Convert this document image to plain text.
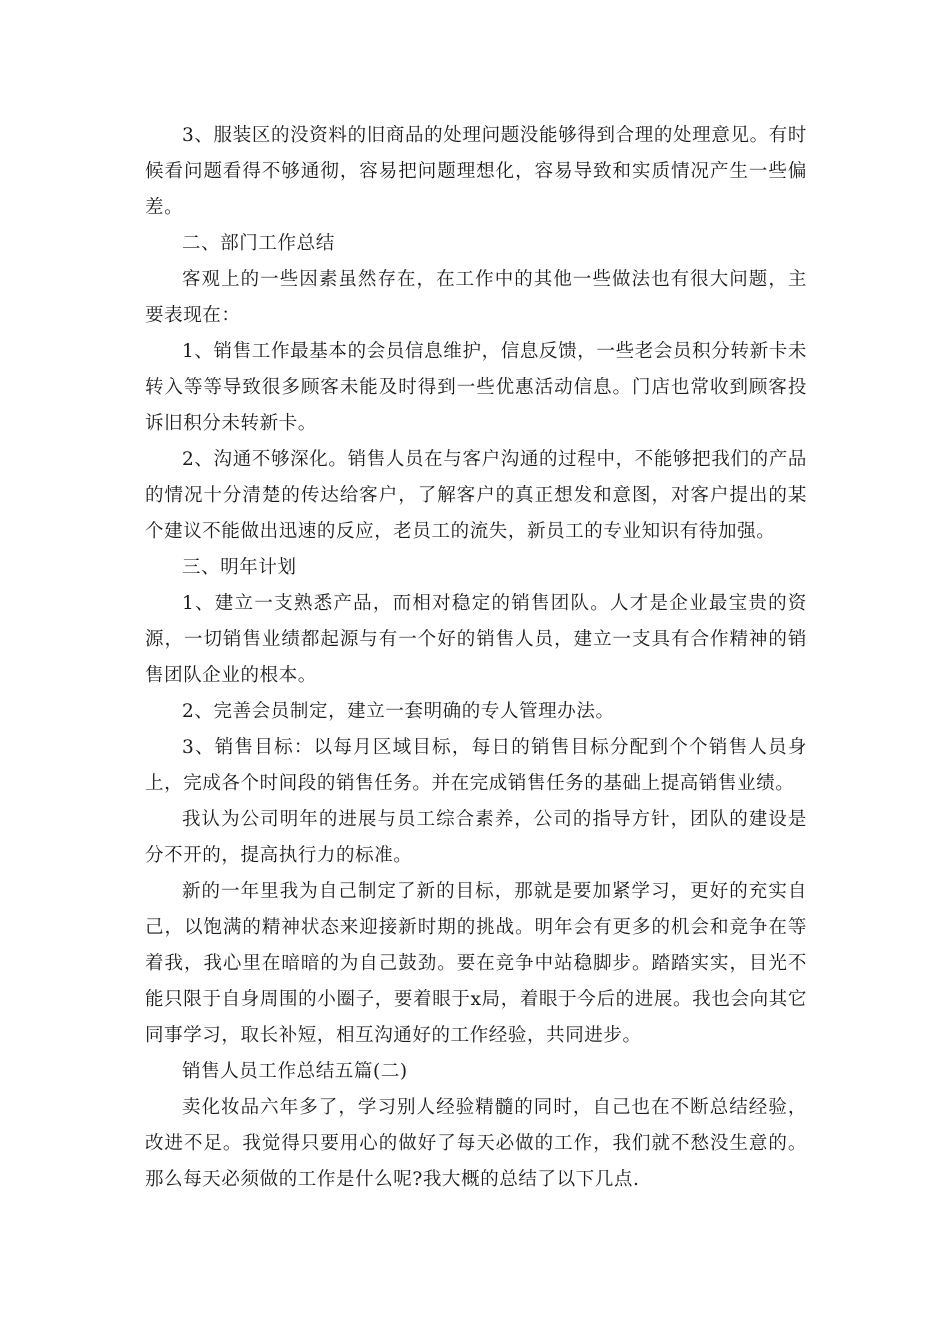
3、服装区的没资料的旧商品的处理问题没能够得到合理的处理意见。有时候看问题看得不够通彻，容易把问题理想化，容易导致和实质情况产生一些偏差。

二、部门工作总结

客观上的一些因素虽然存在，在工作中的其他一些做法也有很大问题，主要表现在：

1、销售工作最基本的会员信息维护，信息反馈，一些老会员积分转新卡未转入等等导致很多顾客未能及时得到一些优惠活动信息。门店也常收到顾客投诉旧积分未转新卡。

2、沟通不够深化。销售人员在与客户沟通的过程中，不能够把我们的产品的情况十分清楚的传达给客户，了解客户的真正想发和意图，对客户提出的某个建议不能做出迅速的反应，老员工的流失，新员工的专业知识有待加强。

三、明年计划

1、建立一支熟悉产品，而相对稳定的销售团队。人才是企业最宝贵的资源，一切销售业绩都起源与有一个好的销售人员，建立一支具有合作精神的销售团队企业的根本。

2、完善会员制定，建立一套明确的专人管理办法。

3、销售目标：以每月区域目标，每日的销售目标分配到个个销售人员身上，完成各个时间段的销售任务。并在完成销售任务的基础上提高销售业绩。

我认为公司明年的进展与员工综合素养，公司的指导方针，团队的建设是分不开的，提高执行力的标准。

新的一年里我为自己制定了新的目标，那就是要加紧学习，更好的充实自己，以饱满的精神状态来迎接新时期的挑战。明年会有更多的机会和竞争在等着我，我心里在暗暗的为自己鼓劲。要在竞争中站稳脚步。踏踏实实，目光不能只限于自身周围的小圈子，要着眼于x局，着眼于今后的进展。我也会向其它同事学习，取长补短，相互沟通好的工作经验，共同进步。

销售人员工作总结五篇(二)

卖化妆品六年多了，学习别人经验精髓的同时，自己也在不断总结经验，改进不足。我觉得只要用心的做好了每天必做的工作，我们就不愁没生意的。那么每天必须做的工作是什么呢?我大概的总结了以下几点.
